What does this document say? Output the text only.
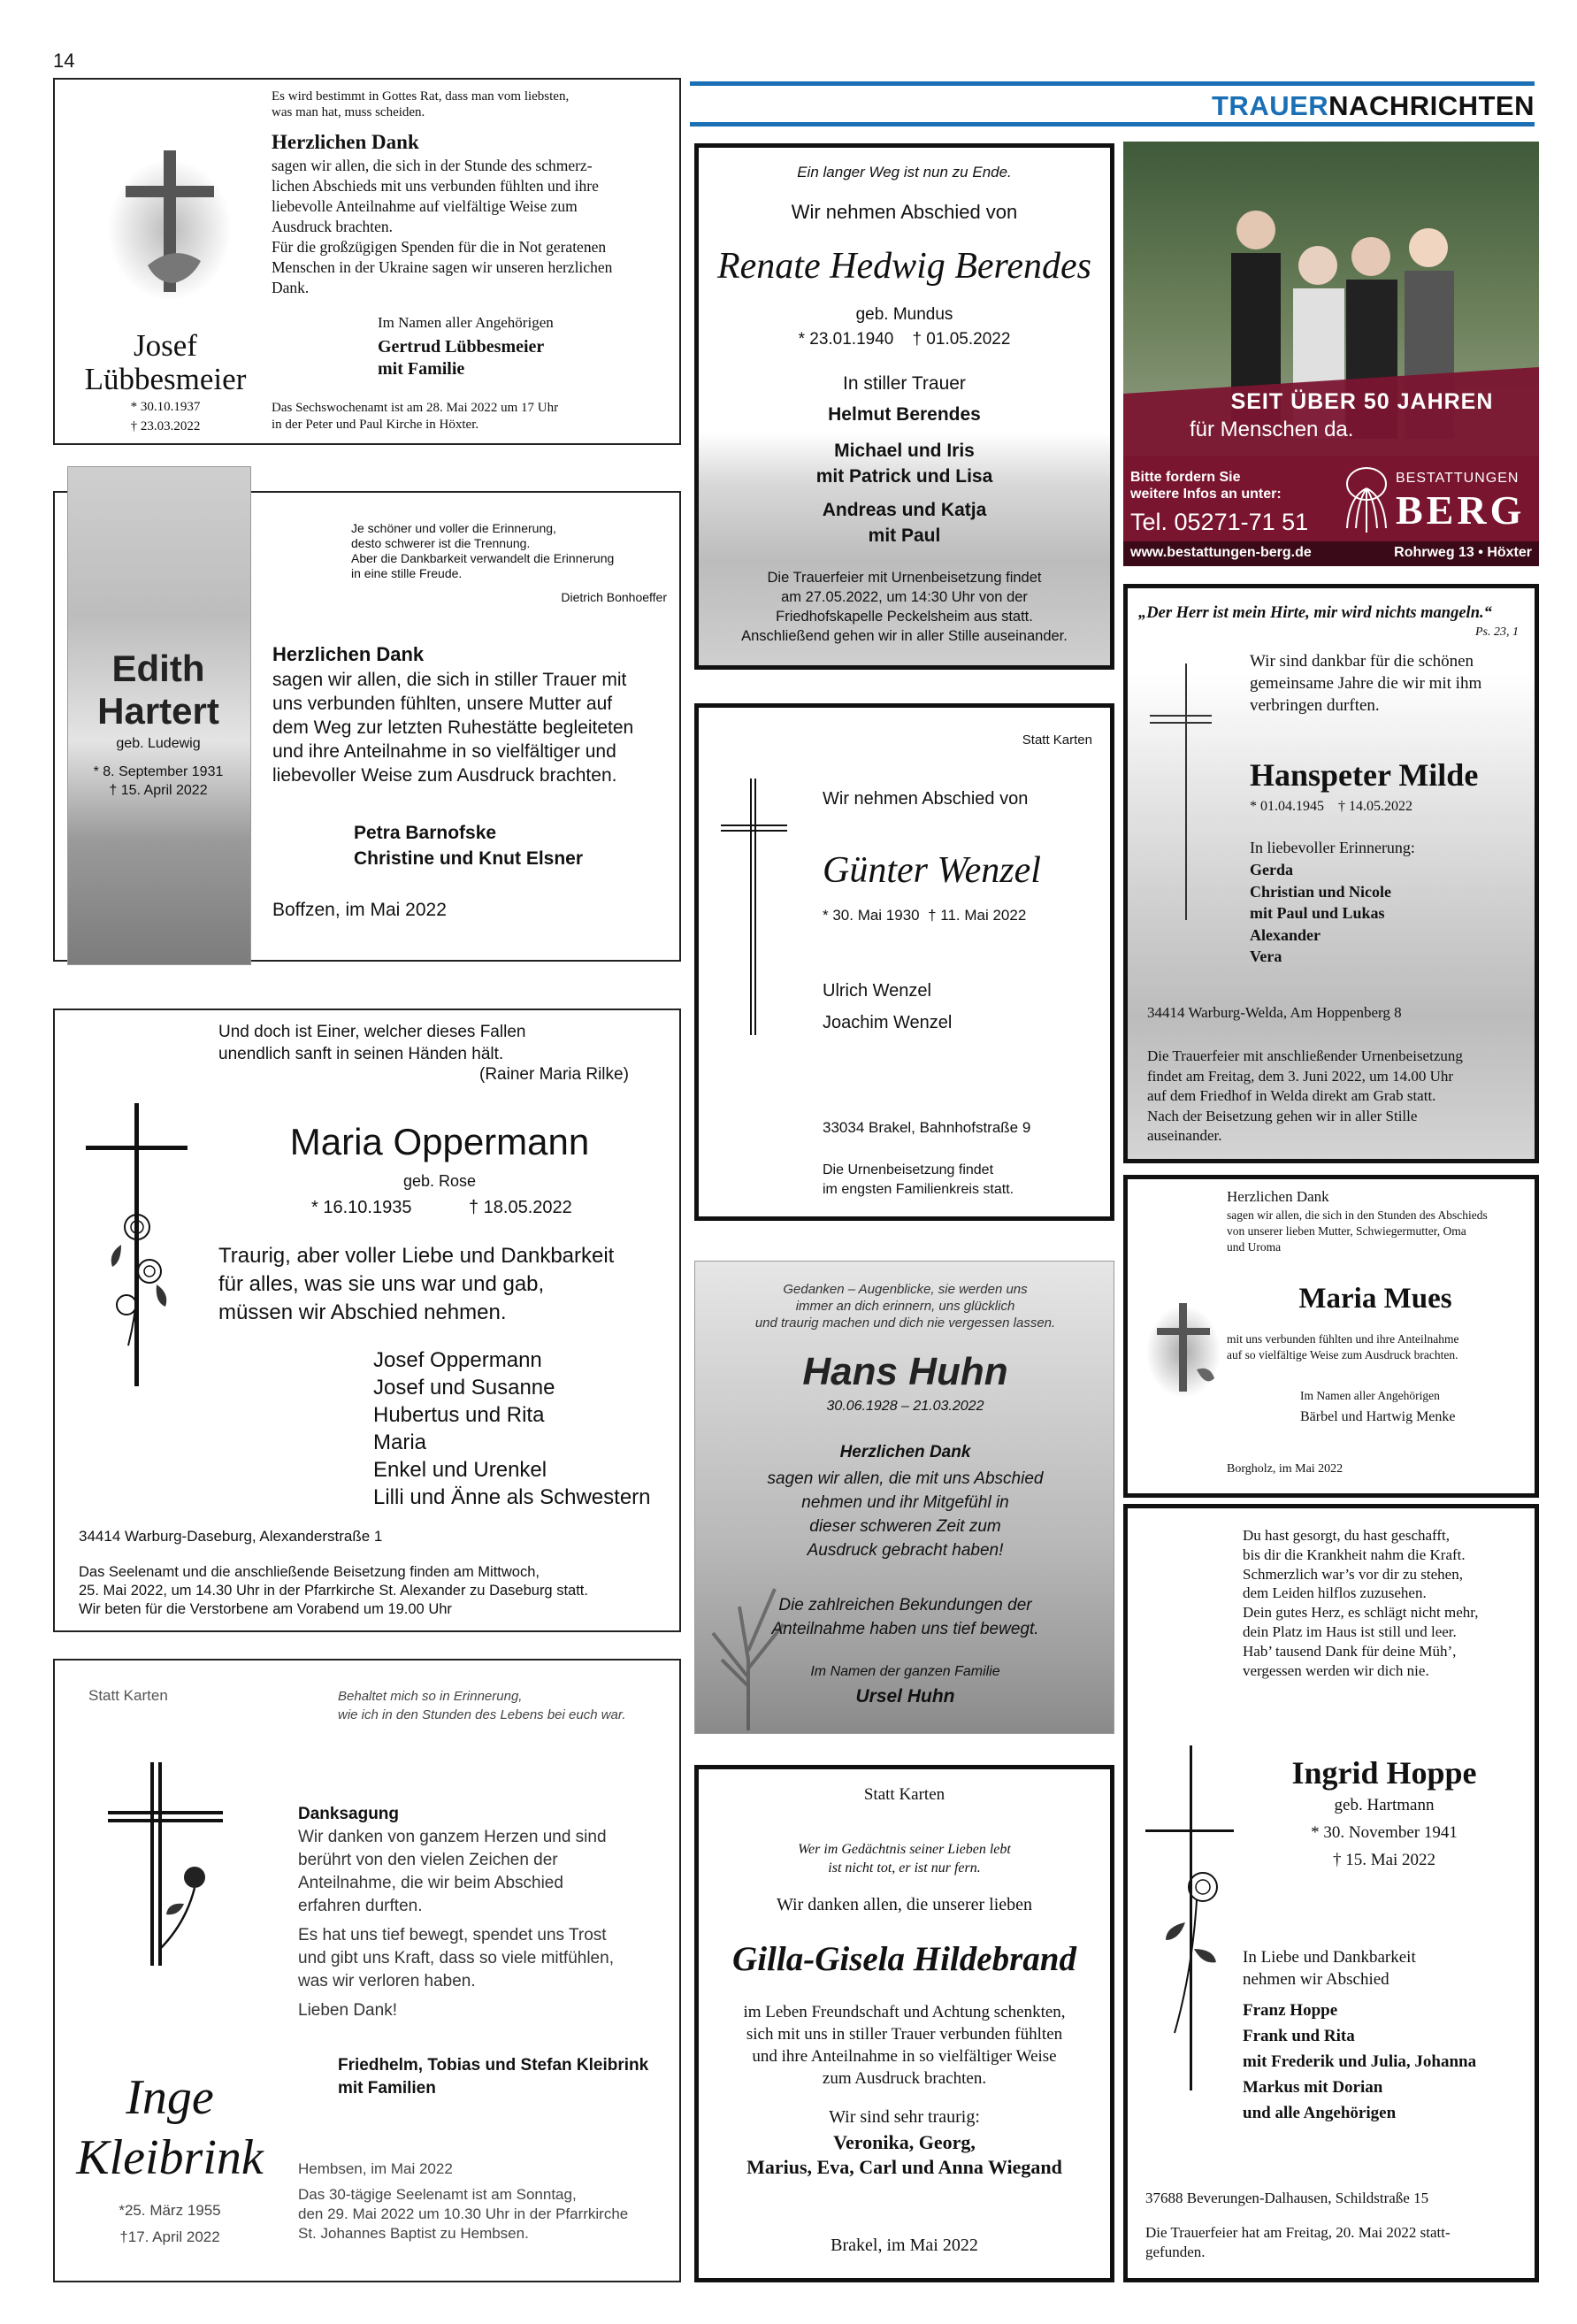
14
TRAUERNACHRICHTEN
Es wird bestimmt in Gottes Rat, dass man vom liebsten,
was man hat, muss scheiden.
Herzlichen Dank
sagen wir allen, die sich in der Stunde des schmerz-
lichen Abschieds mit uns verbunden fühlten und ihre
liebevolle Anteilnahme auf vielfältige Weise zum
Ausdruck brachten.
Für die großzügigen Spenden für die in Not geratenen
Menschen in der Ukraine sagen wir unseren herzlichen
Dank.
Josef
Lübbesmeier
* 30.10.1937
† 23.03.2022
Im Namen aller Angehörigen
Gertrud Lübbesmeier
mit Familie
Das Sechswochenamt ist am 28. Mai 2022 um 17 Uhr
in der Peter und Paul Kirche in Höxter.
Edith
Hartert
geb. Ludewig
* 8. September 1931
† 15. April 2022
Je schöner und voller die Erinnerung,
desto schwerer ist die Trennung.
Aber die Dankbarkeit verwandelt die Erinnerung
in eine stille Freude.
Dietrich Bonhoeffer
Herzlichen Dank
sagen wir allen, die sich in stiller Trauer mit
uns verbunden fühlten, unsere Mutter auf
dem Weg zur letzten Ruhestätte begleiteten
und ihre Anteilnahme in so vielfältiger und
liebevoller Weise zum Ausdruck brachten.
Petra Barnofske
Christine und Knut Elsner
Boffzen, im Mai 2022
Und doch ist Einer, welcher dieses Fallen
unendlich sanft in seinen Händen hält.
(Rainer Maria Rilke)
Maria Oppermann
geb. Rose
* 16.10.1935	† 18.05.2022
Traurig, aber voller Liebe und Dankbarkeit
für alles, was sie uns war und gab,
müssen wir Abschied nehmen.
Josef Oppermann
Josef und Susanne
Hubertus und Rita
Maria
Enkel und Urenkel
Lilli und Änne als Schwestern
34414 Warburg-Daseburg, Alexanderstraße 1
Das Seelenamt und die anschließende Beisetzung finden am Mittwoch,
25. Mai 2022, um 14.30 Uhr in der Pfarrkirche St. Alexander zu Daseburg statt.
Wir beten für die Verstorbene am Vorabend um 19.00 Uhr
Statt Karten	Behaltet mich so in Erinnerung,
wie ich in den Stunden des Lebens bei euch war.
Danksagung
Wir danken von ganzem Herzen und sind
berührt von den vielen Zeichen der
Anteilnahme, die wir beim Abschied
erfahren durften.
Es hat uns tief bewegt, spendet uns Trost
und gibt uns Kraft, dass so viele mitfühlen,
was wir verloren haben.
Lieben Dank!
Friedhelm, Tobias und Stefan Kleibrink
mit Familien
Inge
Kleibrink
*25. März 1955
†17. April 2022
Hembsen, im Mai 2022
Das 30-tägige Seelenamt ist am Sonntag,
den 29. Mai 2022 um 10.30 Uhr in der Pfarrkirche
St. Johannes Baptist zu Hembsen.
Ein langer Weg ist nun zu Ende.
Wir nehmen Abschied von
Renate Hedwig Berendes
geb. Mundus
* 23.01.1940    † 01.05.2022
In stiller Trauer
Helmut Berendes
Michael und Iris
mit Patrick und Lisa
Andreas und Katja
mit Paul
Die Trauerfeier mit Urnenbeisetzung findet
am 27.05.2022, um 14:30 Uhr von der
Friedhofskapelle Peckelsheim aus statt.
Anschließend gehen wir in aller Stille auseinander.
SEIT ÜBER 50 JAHREN
für Menschen da.
Bitte fordern Sie
weitere Infos an unter:
Tel. 05271-71 51
BESTATTUNGEN
BERG
www.bestattungen-berg.de	Rohrweg 13 • Höxter
Statt Karten
Wir nehmen Abschied von
Günter Wenzel
* 30. Mai 1930  † 11. Mai 2022
Ulrich Wenzel
Joachim Wenzel
33034 Brakel, Bahnhofstraße 9
Die Urnenbeisetzung findet
im engsten Familienkreis statt.
Gedanken – Augenblicke, sie werden uns
immer an dich erinnern, uns glücklich
und traurig machen und dich nie vergessen lassen.
Hans Huhn
30.06.1928 – 21.03.2022
Herzlichen Dank
sagen wir allen, die mit uns Abschied
nehmen und ihr Mitgefühl in
dieser schweren Zeit zum
Ausdruck gebracht haben!
Die zahlreichen Bekundungen der
Anteilnahme haben uns tief bewegt.
Im Namen der ganzen Familie
Ursel Huhn
Statt Karten
Wer im Gedächtnis seiner Lieben lebt
ist nicht tot, er ist nur fern.
Wir danken allen, die unserer lieben
Gilla-Gisela Hildebrand
im Leben Freundschaft und Achtung schenkten,
sich mit uns in stiller Trauer verbunden fühlten
und ihre Anteilnahme in so vielfältiger Weise
zum Ausdruck brachten.
Wir sind sehr traurig:
Veronika, Georg,
Marius, Eva, Carl und Anna Wiegand
Brakel, im Mai 2022
„Der Herr ist mein Hirte, mir wird nichts mangeln.“
Ps. 23, 1
Wir sind dankbar für die schönen
gemeinsame Jahre die wir mit ihm
verbringen durften.
Hanspeter Milde
* 01.04.1945    † 14.05.2022
In liebevoller Erinnerung:
Gerda
Christian und Nicole
mit Paul und Lukas
Alexander
Vera
34414 Warburg-Welda, Am Hoppenberg 8
Die Trauerfeier mit anschließender Urnenbeisetzung
findet am Freitag, dem 3. Juni 2022, um 14.00 Uhr
auf dem Friedhof in Welda direkt am Grab statt.
Nach der Beisetzung gehen wir in aller Stille
auseinander.
Herzlichen Dank
sagen wir allen, die sich in den Stunden des Abschieds
von unserer lieben Mutter, Schwiegermutter, Oma
und Uroma
Maria Mues
mit uns verbunden fühlten und ihre Anteilnahme
auf so vielfältige Weise zum Ausdruck brachten.
Im Namen aller Angehörigen
Bärbel und Hartwig Menke
Borgholz, im Mai 2022
Du hast gesorgt, du hast geschafft,
bis dir die Krankheit nahm die Kraft.
Schmerzlich war’s vor dir zu stehen,
dem Leiden hilflos zuzusehen.
Dein gutes Herz, es schlägt nicht mehr,
dein Platz im Haus ist still und leer.
Hab’ tausend Dank für deine Müh’,
vergessen werden wir dich nie.
Ingrid Hoppe
geb. Hartmann
* 30. November 1941
† 15. Mai 2022
In Liebe und Dankbarkeit
nehmen wir Abschied
Franz Hoppe
Frank und Rita
mit Frederik und Julia, Johanna
Markus mit Dorian
und alle Angehörigen
37688 Beverungen-Dalhausen, Schildstraße 15
Die Trauerfeier hat am Freitag, 20. Mai 2022 statt-
gefunden.
